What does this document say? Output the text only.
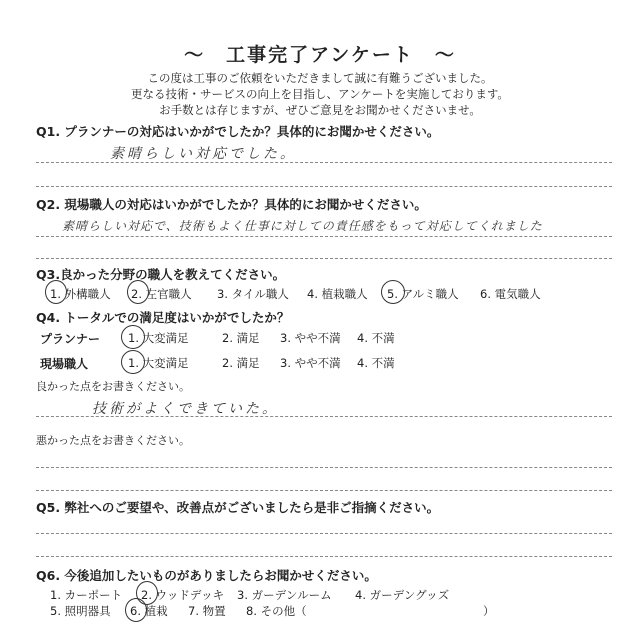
～　工事完了アンケート　～
この度は工事のご依頼をいただきまして誠に有難うございました。
更なる技術・サービスの向上を目指し、アンケートを実施しております。
お手数とは存じますが、ぜひご意見をお聞かせくださいませ。
Q1. プランナーの対応はいかがでしたか？具体的にお聞かせください。
素晴らしい対応でした。
Q2. 現場職人の対応はいかがでしたか？具体的にお聞かせください。
素晴らしい対応で、技術もよく仕事に対しての責任感をもって対応してくれました
Q3.良かった分野の職人を教えてください。
1. 外構職人 2. 左官職人 3. タイル職人 4. 植栽職人 5. アルミ職人 6. 電気職人
Q4. トータルでの満足度はいかがでしたか？
プランナー 1. 大変満足	2. 満足 3. やや不満 4. 不満
現場職人	1. 大変満足	2. 満足 3. やや不満 4. 不満
良かった点をお書きください。
技術がよくできていた。
悪かった点をお書きください。
Q5. 弊社へのご要望や、改善点がございましたら是非ご指摘ください。
Q6. 今後追加したいものがありましたらお聞かせください。
1. カーポート 2. ウッドデッキ 3. ガーデンルーム 4. ガーデングッズ
5. 照明器具 6. 植栽 7. 物置 8. その他（	）
